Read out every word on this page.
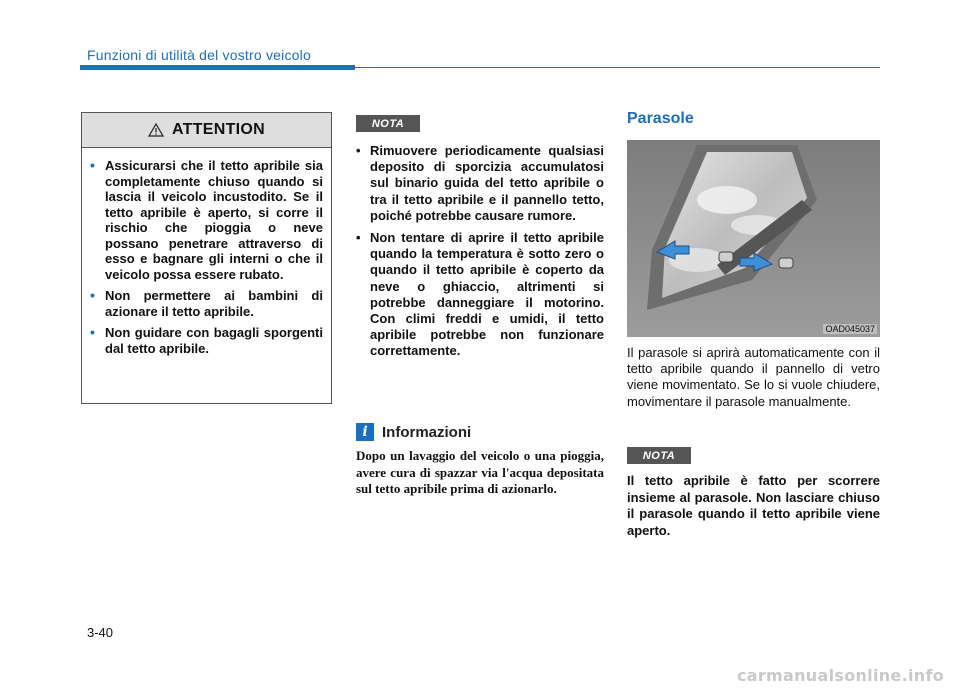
Funzioni di utilità del vostro veicolo
ATTENTION
• Assicurarsi che il tetto apribile sia completamente chiuso quando si lascia il veicolo incustodito. Se il tetto apribile è aperto, si corre il rischio che pioggia o neve possano penetrare attraverso di esso e bagnare gli interni o che il veicolo possa essere rubato.
• Non permettere ai bambini di azionare il tetto apribile.
• Non guidare con bagagli sporgenti dal tetto apribile.
NOTA
• Rimuovere periodicamente qualsiasi deposito di sporcizia accumulatosi sul binario guida del tetto apribile o tra il tetto apribile e il pannello tetto, poiché potrebbe causare rumore.
• Non tentare di aprire il tetto apribile quando la temperatura è sotto zero o quando il tetto apribile è coperto da neve o ghiaccio, altrimenti si potrebbe danneggiare il motorino. Con climi freddi e umidi, il tetto apribile potrebbe non funzionare correttamente.
i Informazioni

Dopo un lavaggio del veicolo o una pioggia, avere cura di spazzar via l'acqua depositata sul tetto apribile prima di azionarlo.

Parasole
OAD045037

Il parasole si aprirà automaticamente con il tetto apribile quando il pannello di vetro viene movimentato. Se lo si vuole chiudere, movimentare il parasole manualmente.

NOTA

Il tetto apribile è fatto per scorrere insieme al parasole. Non lasciare chiuso il parasole quando il tetto apribile viene aperto.

3-40
carmanualsonline.info
